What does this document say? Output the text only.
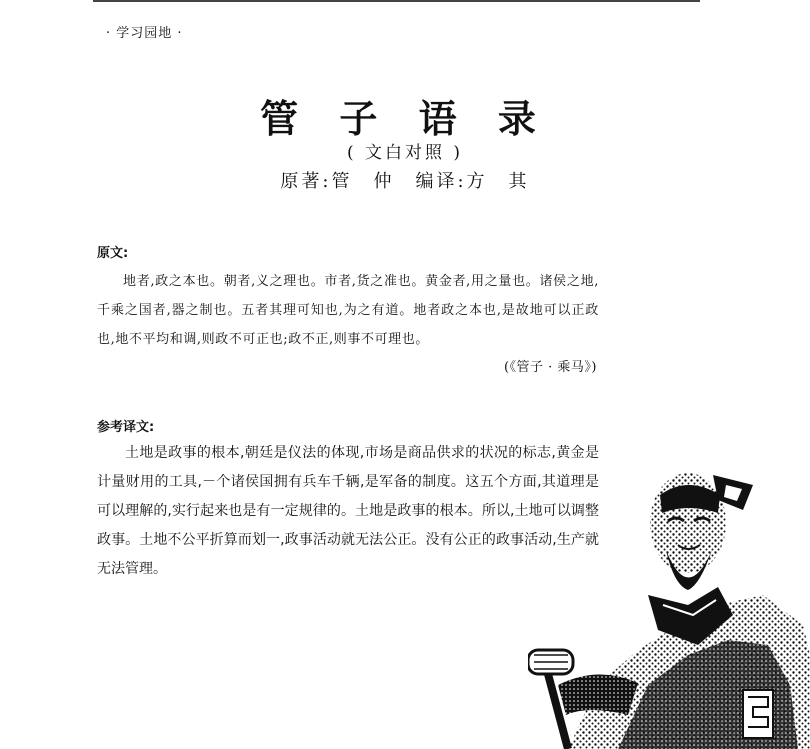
· 学习园地 ·
管 子 语 录
( 文白对照 )
原著:管　仲　编译:方　其
原文:
地者,政之本也。朝者,义之理也。市者,货之准也。黄金者,用之量也。诸侯之地,千乘之国者,器之制也。五者其理可知也,为之有道。地者政之本也,是故地可以正政也,地不平均和调,则政不可正也;政不正,则事不可理也。
(《管子 · 乘马》)
参考译文:
土地是政事的根本,朝廷是仪法的体现,市场是商品供求的状况的标志,黄金是计量财用的工具,－个诸侯国拥有兵车千辆,是军备的制度。这五个方面,其道理是可以理解的,实行起来也是有一定规律的。土地是政事的根本。所以,土地可以调整政事。土地不公平折算而划一,政事活动就无法公正。没有公正的政事活动,生产就无法管理。
